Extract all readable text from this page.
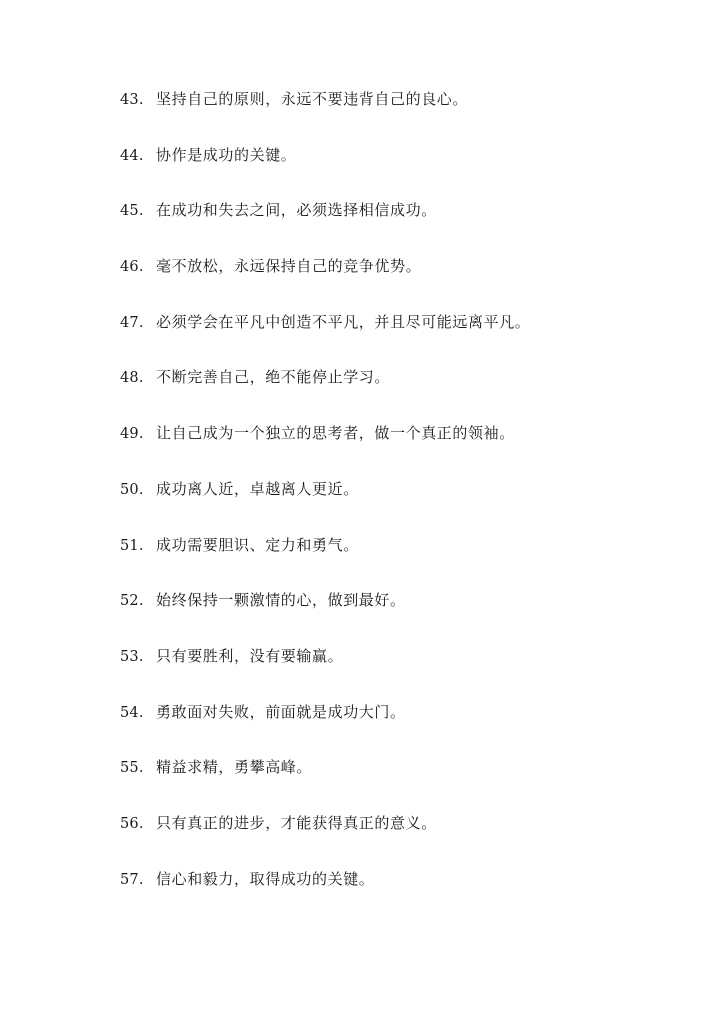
43. 坚持自己的原则，永远不要违背自己的良心。
44. 协作是成功的关键。
45. 在成功和失去之间，必须选择相信成功。
46. 毫不放松，永远保持自己的竞争优势。
47. 必须学会在平凡中创造不平凡，并且尽可能远离平凡。
48. 不断完善自己，绝不能停止学习。
49. 让自己成为一个独立的思考者，做一个真正的领袖。
50. 成功离人近，卓越离人更近。
51. 成功需要胆识、定力和勇气。
52. 始终保持一颗激情的心，做到最好。
53. 只有要胜利，没有要输赢。
54. 勇敢面对失败，前面就是成功大门。
55. 精益求精，勇攀高峰。
56. 只有真正的进步，才能获得真正的意义。
57. 信心和毅力，取得成功的关键。
